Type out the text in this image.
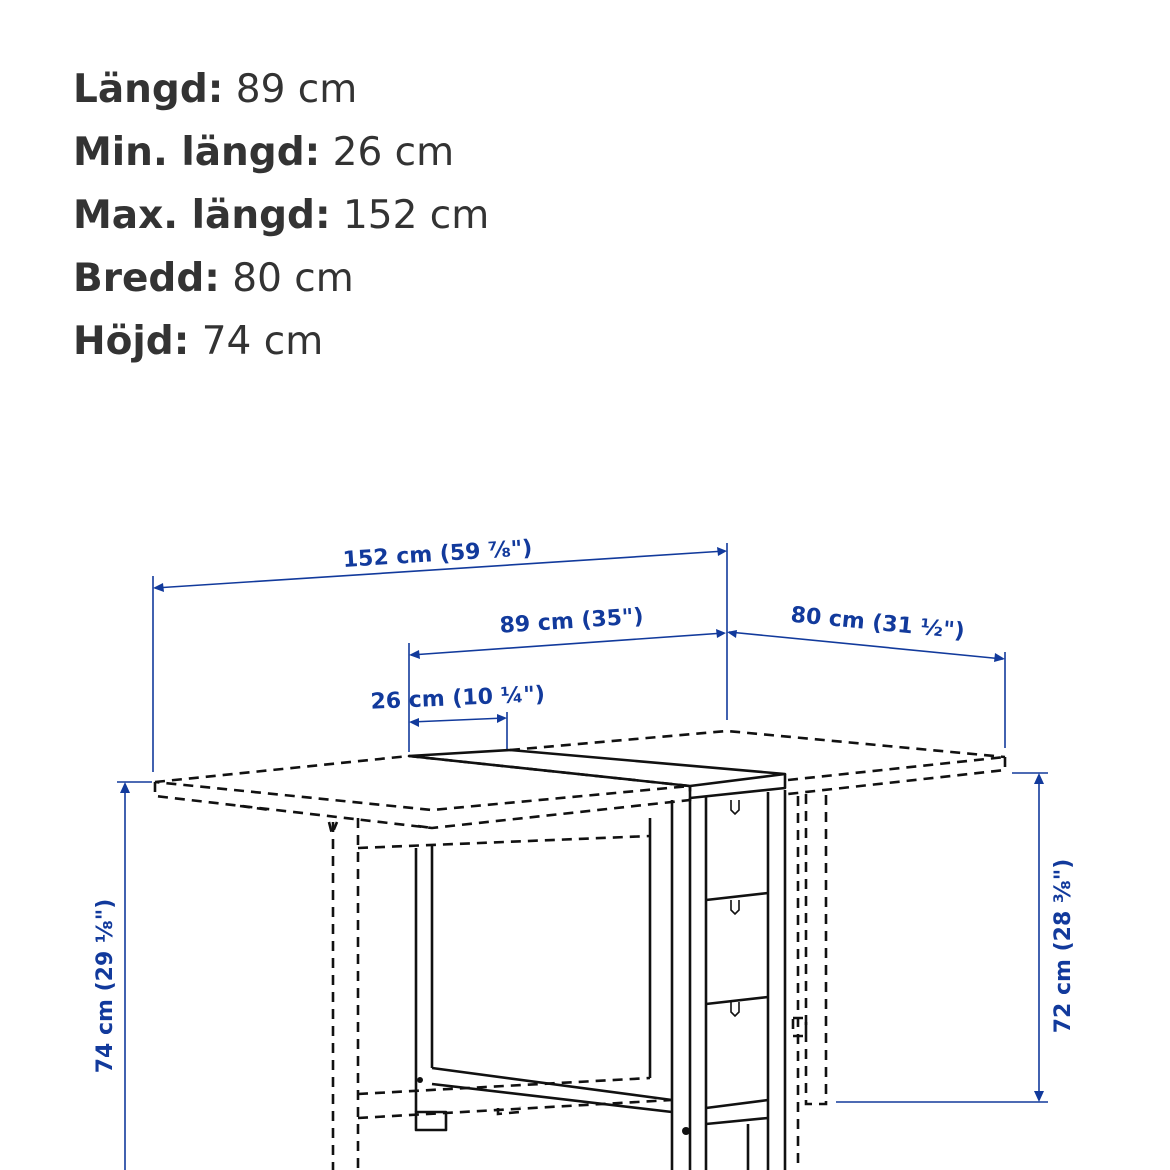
Längd: 89 cm
Min. längd: 26 cm
Max. längd: 152 cm
Bredd: 80 cm
Höjd: 74 cm
152 cm (59 ⅞")
89 cm (35")	80 cm (31 ½")
26 cm (10 ¼")
74 cm (29 ⅛")	72 cm (28 ⅜")
